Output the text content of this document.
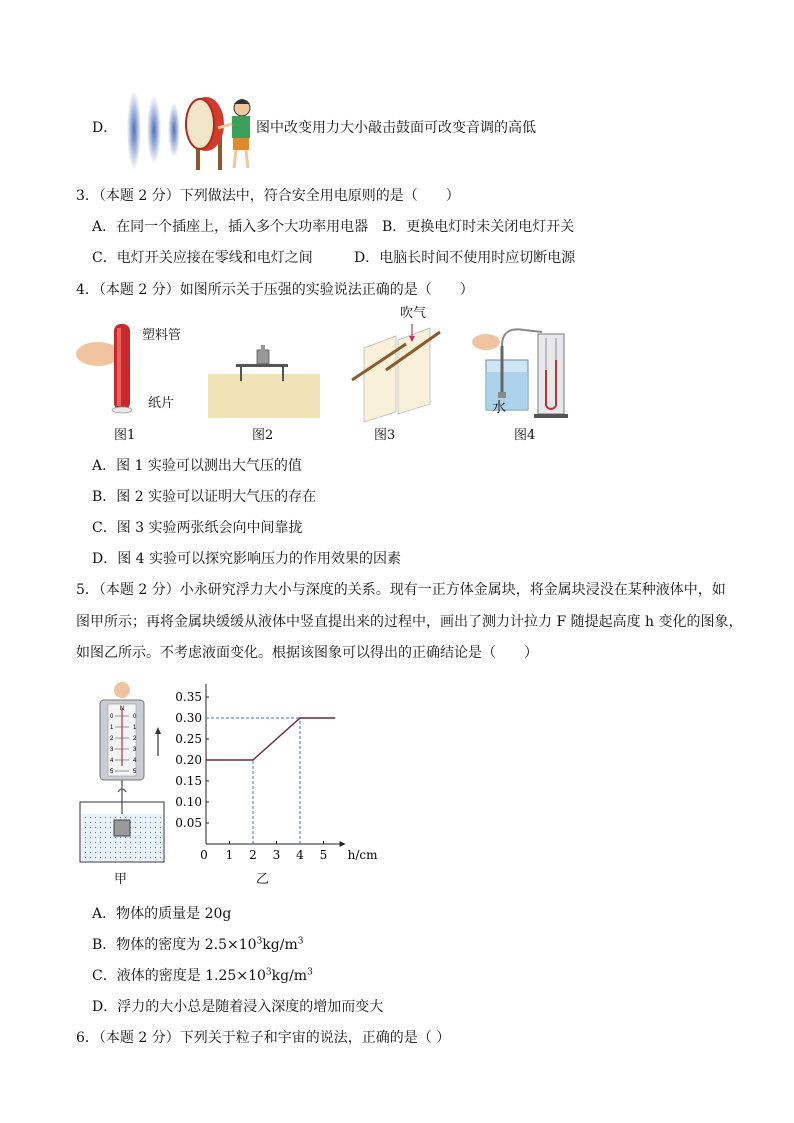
D．	图中改变用力大小敲击鼓面可改变音调的高低
3．（本题 2 分）下列做法中，符合安全用电原则的是（　　）
A．在同一个插座上，插入多个大功率用电器 B．更换电灯时未关闭电灯开关
C．电灯开关应接在零线和电灯之间	D．电脑长时间不使用时应切断电源
4．（本题 2 分）如图所示关于压强的实验说法正确的是（　　）
塑料管
纸片
图1	图2
吹气
图3
水
图4
A．图 1 实验可以测出大气压的值
B．图 2 实验可以证明大气压的存在
C．图 3 实验两张纸会向中间靠拢
D．图 4 实验可以探究影响压力的作用效果的因素
5．（本题 2 分）小永研究浮力大小与深度的关系。现有一正方体金属块，将金属块浸没在某种液体中，如
图甲所示；再将金属块缓缓从液体中竖直提出来的过程中，画出了测力计拉力 F 随提起高度 h 变化的图象，
如图乙所示。不考虑液面变化。根据该图象可以得出的正确结论是（　　）
0	0
1	1
2	2
3	3
4	4
5	5
N
甲
0.05
0.10
0.15
0.20
0.25
0.30
0.35
0 1 2 3 4 5 h/cm
乙
A．物体的质量是 20g
B．物体的密度为 $2.5\times 10^3kg/m^3$
C．液体的密度是 $1.25\times 10^3kg/m^3$
D．浮力的大小总是随着浸入深度的增加而变大
6．（本题 2 分）下列关于粒子和宇宙的说法，正确的是（ ）
